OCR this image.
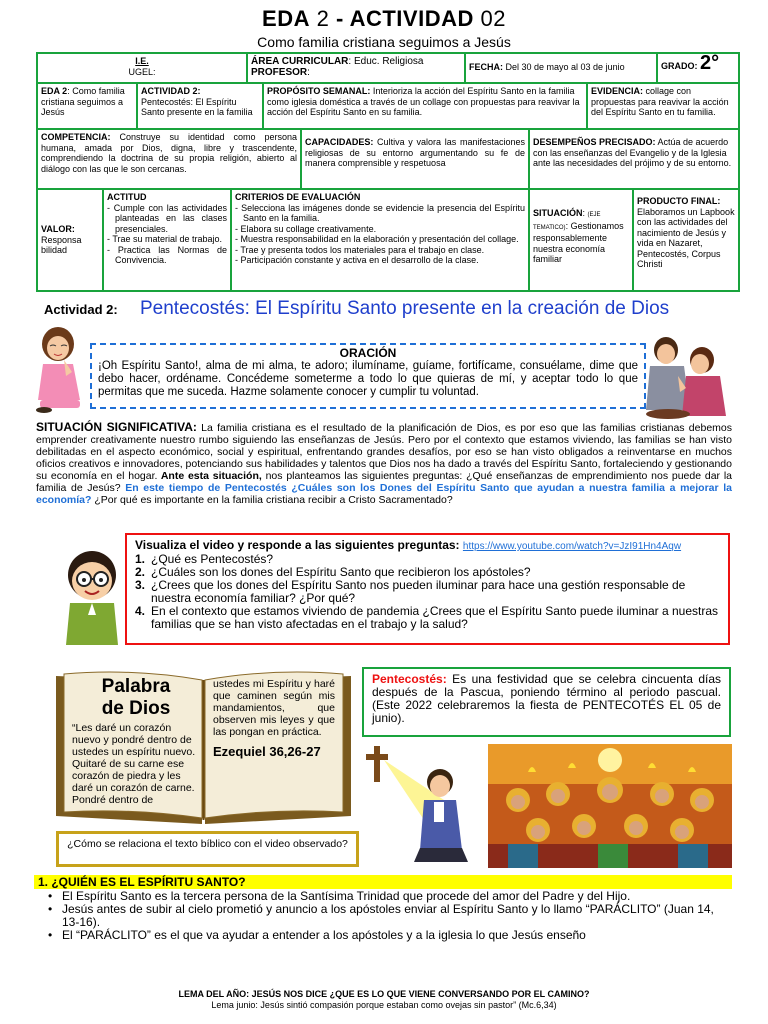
EDA 2 - ACTIVIDAD 02
Como familia cristiana seguimos a Jesús
I.E.
UGEL:
ÁREA CURRICULAR: Educ. Religiosa
PROFESOR:	FECHA: Del 30 de mayo al 03 de junio	GRADO: 2°
EDA 2: Como familia cristiana seguimos a Jesús
ACTIVIDAD 2:
Pentecostés: El Espíritu Santo presente en la familia
PROPÓSITO SEMANAL: Interioriza la acción del Espíritu Santo en la familia como iglesia doméstica a través de un collage con propuestas para reavivar la acción del Espíritu Santo en su familia.
EVIDENCIA: collage con propuestas para reavivar la acción del Espíritu Santo en tu familia.
COMPETENCIA: Construye su identidad como persona humana, amada por Dios, digna, libre y trascendente, comprendiendo la doctrina de su propia religión, abierto al diálogo con las que le son cercanas.
CAPACIDADES: Cultiva y valora las manifestaciones religiosas de su entorno argumentando su fe de manera comprensible y respetuosa
DESEMPEÑOS PRECISADO: Actúa de acuerdo con las enseñanzas del Evangelio y de la Iglesia ante las necesidades del prójimo y de su entorno.
VALOR: Responsa bilidad
ACTITUD
- Cumple con las actividades planteadas en las clases presenciales.
- Trae su material de trabajo.
- Practica las Normas de Convivencia.
CRITERIOS DE EVALUACIÓN
- Selecciona las imágenes donde se evidencie la presencia del Espíritu Santo en la familia.
- Elabora su collage creativamente.
- Muestra responsabilidad en la elaboración y presentación del collage.
- Trae y presenta todos los materiales para el trabajo en clase.
- Participación constante y activa en el desarrollo de la clase.
SITUACIÓN: (EJE TEMATICO): Gestionamos responsablemente nuestra economía familiar
PRODUCTO FINAL: Elaboramos un Lapbook con las actividades del nacimiento de Jesús y vida en Nazaret, Pentecostés, Corpus Christi
Actividad 2: Pentecostés: El Espíritu Santo presente en la creación de Dios
ORACIÓN
¡Oh Espíritu Santo!, alma de mi alma, te adoro; ilumíname, guíame, fortifícame, consuélame, dime que debo hacer, ordéname. Concédeme someterme a todo lo que quieras de mí, y aceptar todo lo que permitas que me suceda. Hazme solamente conocer y cumplir tu voluntad.
SITUACIÓN SIGNIFICATIVA: La familia cristiana es el resultado de la planificación de Dios, es por eso que las familias cristianas debemos emprender creativamente nuestro rumbo siguiendo las enseñanzas de Jesús. Pero por el contexto que estamos viviendo, las familias se han visto debilitadas en el aspecto económico, social y espiritual, enfrentando grandes desafíos, por eso se han visto obligados a reinventarse en muchos oficios creativos e innovadores, potenciando sus habilidades y talentos que Dios nos ha dado a través del Espíritu Santo, fortaleciendo y gestionando su economía en el hogar. Ante esta situación, nos planteamos las siguientes preguntas: ¿Qué enseñanzas de emprendimiento nos puede dar la familia de Jesús? En este tiempo de Pentecostés ¿Cuáles son los Dones del Espíritu Santo que ayudan a nuestra familia a mejorar la economía? ¿Por qué es importante en la familia cristiana recibir a Cristo Sacramentado?
Visualiza el video y responde a las siguientes preguntas: https://www.youtube.com/watch?v=JzI91Hn4Aqw
1. ¿Qué es Pentecostés?
2. ¿Cuáles son los dones del Espíritu Santo que recibieron los apóstoles?
3. ¿Crees que los dones del Espíritu Santo nos pueden iluminar para hace una gestión responsable de nuestra economía familiar? ¿Por qué?
4. En el contexto que estamos viviendo de pandemia ¿Crees que el Espíritu Santo puede iluminar a nuestras familias que se han visto afectadas en el trabajo y la salud?
Palabra
de Dios
“Les daré un corazón nuevo y pondré dentro de ustedes un espíritu nuevo. Quitaré de su carne ese corazón de piedra y les daré un corazón de carne. Pondré dentro de
ustedes mi Espíritu y haré que caminen según mis mandamientos, que observen mis leyes y que las pongan en práctica.
Ezequiel 36,26-27
¿Cómo se relaciona el texto bíblico con el video observado?
Pentecostés: Es una festividad que se celebra cincuenta días después de la Pascua, poniendo término al periodo pascual. (Este 2022 celebraremos la fiesta de PENTECOTÉS EL 05 de junio).
1. ¿QUIÉN ES EL ESPÍRITU SANTO?
• El Espíritu Santo es la tercera persona de la Santísima Trinidad que procede del amor del Padre y del Hijo.
• Jesús antes de subir al cielo prometió y anuncio a los apóstoles enviar al Espíritu Santo y lo llamo “PARÁCLITO” (Juan 14, 13-16).
• El “PARÁCLITO” es el que va ayudar a entender a los apóstoles y a la iglesia lo que Jesús enseño
LEMA DEL AÑO: JESÚS NOS DICE ¿QUE ES LO QUE VIENE CONVERSANDO POR EL CAMINO?
Lema junio: Jesús sintió compasión porque estaban como ovejas sin pastor” (Mc.6,34)
